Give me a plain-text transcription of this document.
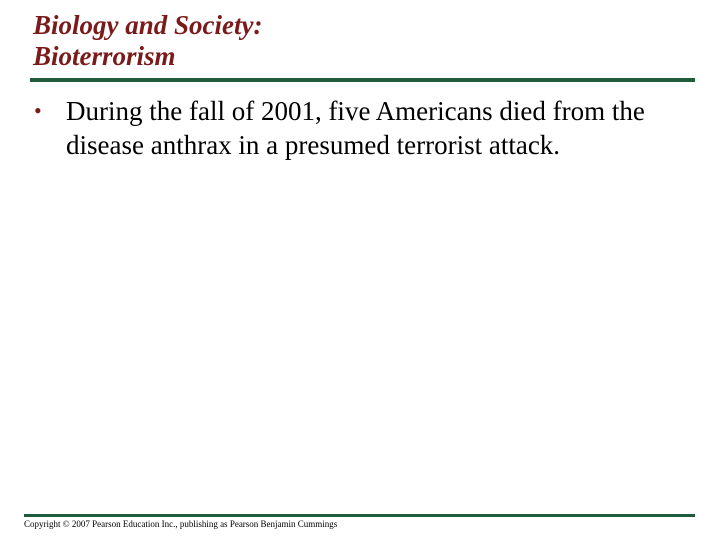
Biology and Society:
Bioterrorism
• During the fall of 2001, five Americans died from the disease anthrax in a presumed terrorist attack.
Copyright © 2007 Pearson Education Inc., publishing as Pearson Benjamin Cummings
